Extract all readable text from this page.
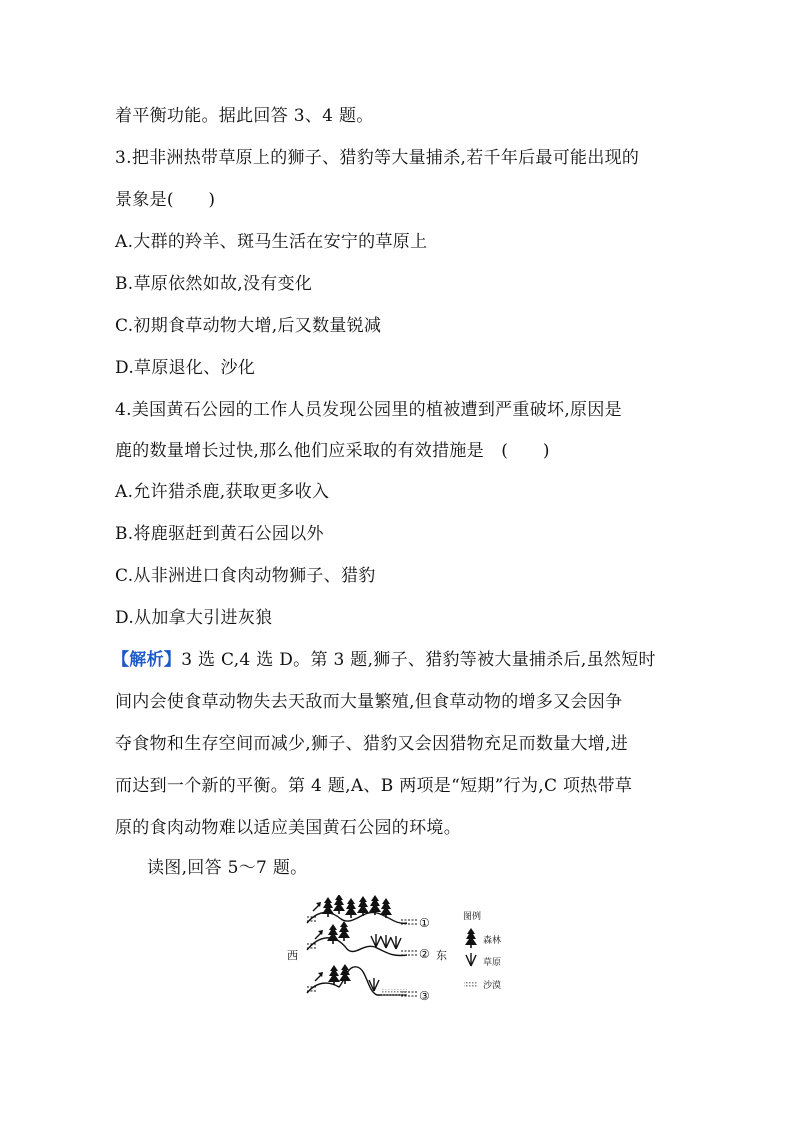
着平衡功能。据此回答 3、4 题。
3.把非洲热带草原上的狮子、猎豹等大量捕杀,若千年后最可能出现的
景象是(　　)
A.大群的羚羊、斑马生活在安宁的草原上
B.草原依然如故,没有变化
C.初期食草动物大增,后又数量锐减
D.草原退化、沙化
4.美国黄石公园的工作人员发现公园里的植被遭到严重破坏,原因是
鹿的数量增长过快,那么他们应采取的有效措施是　(　　)
A.允许猎杀鹿,获取更多收入
B.将鹿驱赶到黄石公园以外
C.从非洲进口食肉动物狮子、猎豹
D.从加拿大引进灰狼
【解析】3 选 C,4 选 D。第 3 题,狮子、猎豹等被大量捕杀后,虽然短时
间内会使食草动物失去天敌而大量繁殖,但食草动物的增多又会因争
夺食物和生存空间而减少,狮子、猎豹又会因猎物充足而数量大增,进
而达到一个新的平衡。第 4 题,A、B 两项是“短期”行为,C 项热带草
原的食肉动物难以适应美国黄石公园的环境。
读图,回答 5～7 题。
西	东
①
②
③
图例
森林
草原
沙漠
